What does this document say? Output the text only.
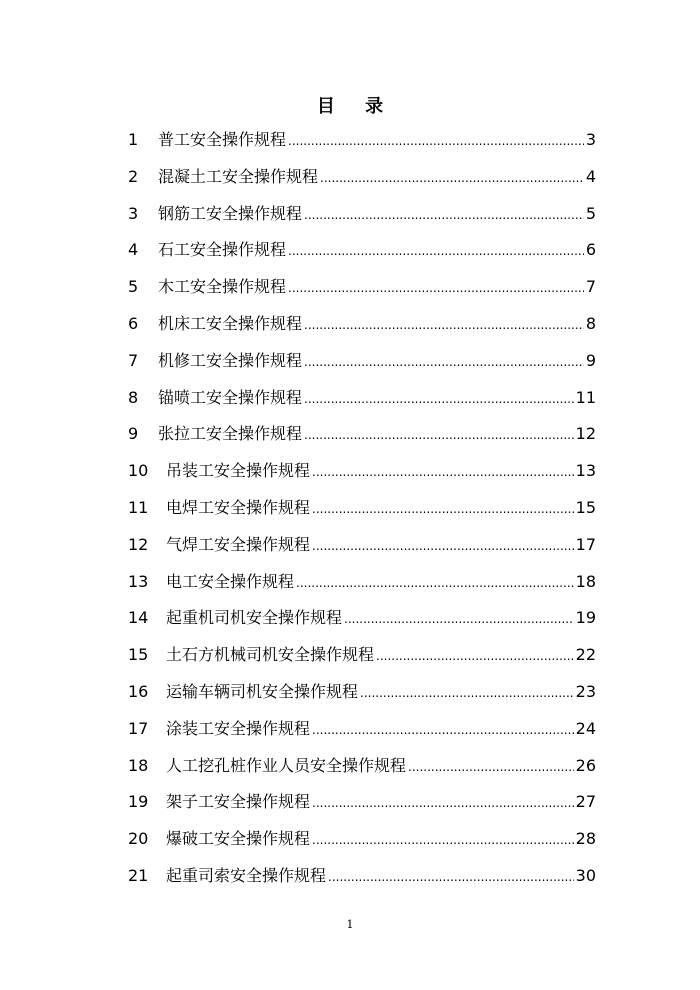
目 录
1	普工安全操作规程 .....	3
2	混凝土工安全操作规程 .....	4
3	钢筋工安全操作规程 .....	5
4	石工安全操作规程 .....	6
5	木工安全操作规程 .....	7
6	机床工安全操作规程 .....	8
7	机修工安全操作规程 .....	9
8	锚喷工安全操作规程 .....	11
9	张拉工安全操作规程 .....	12
10	吊装工安全操作规程 .....	13
11	电焊工安全操作规程 .....	15
12	气焊工安全操作规程 .....	17
13	电工安全操作规程 .....	18
14	起重机司机安全操作规程 .....	19
15	土石方机械司机安全操作规程 .....	22
16	运输车辆司机安全操作规程 .....	23
17	涂装工安全操作规程 .....	24
18	人工挖孔桩作业人员安全操作规程 .....	26
19	架子工安全操作规程 .....	27
20	爆破工安全操作规程 .....	28
21	起重司索安全操作规程 .....	30
1
